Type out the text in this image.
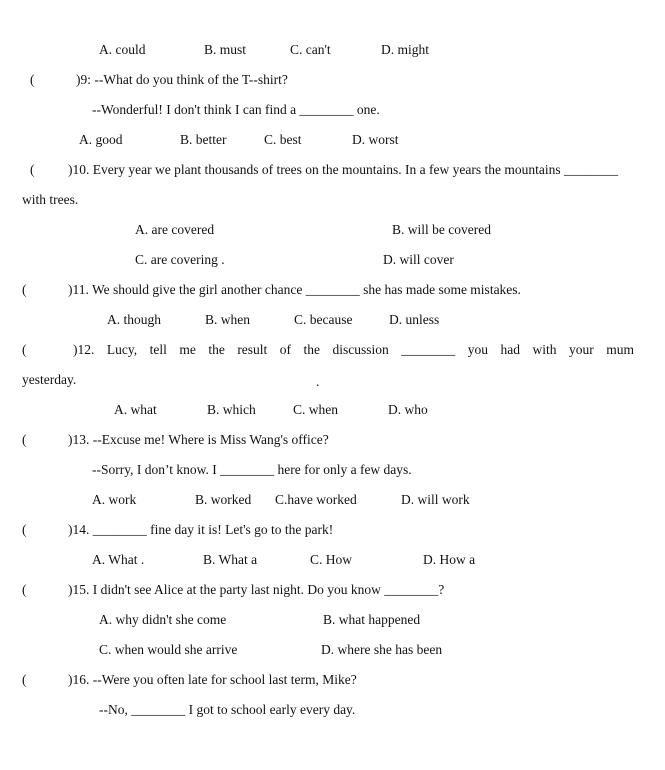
A. could	B. must	C. can't	D. might
(	)9: --What do you think of the T--shirt?
--Wonderful! I don't think I can find a ________ one.
A. good	B. better	C. best	D. worst
( )10. Every year we plant thousands of trees on the mountains. In a few years the mountains ________
with trees.
A. are covered	B. will be covered
C. are covering .	D. will cover
(	)11. We should give the girl another chance ________ she has made some mistakes.
A. though	B. when	C. because	D. unless
(	)12.  Lucy,  tell  me  the  result  of  the  discussion  ________  you  had  with  your  mum
yesterday.	.
A. what	B. which	C. when	D. who
(	)13. --Excuse me! Where is Miss Wang's office?
--Sorry, I don’t know. I ________ here for only a few days.
A. work	B. worked C.have worked	D. will work
(	)14. ________ fine day it is! Let's go to the park!
A. What .	B. What a	C. How	D. How a
(	)15. I didn't see Alice at the party last night. Do you know ________?
A. why didn't she come	B. what happened
C. when would she arrive	D. where she has been
(	)16. --Were you often late for school last term, Mike?
--No, ________ I got to school early every day.
